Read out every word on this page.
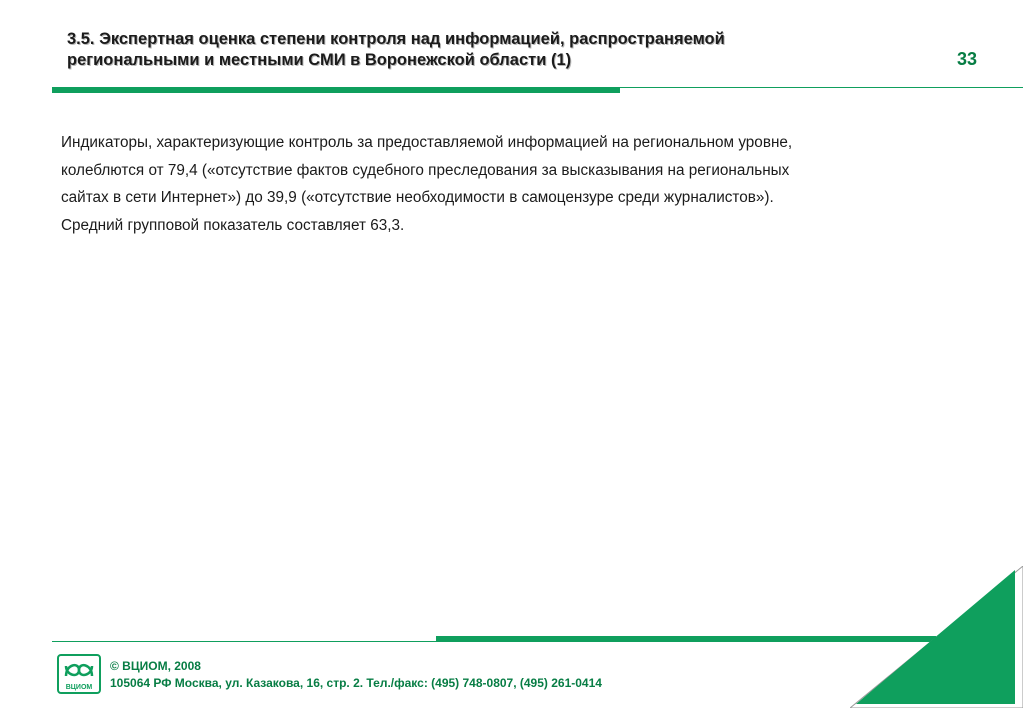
3.5. Экспертная оценка степени контроля над информацией, распространяемой
региональными и местными СМИ в Воронежской области (1)	33

Индикаторы, характеризующие контроль за предоставляемой информацией на региональном уровне,
колеблются от 79,4 («отсутствие фактов судебного преследования за высказывания на региональных
сайтах в сети Интернет») до 39,9 («отсутствие необходимости в самоцензуре среди журналистов»).
Средний групповой показатель составляет 63,3.

ВЦИОМ
© ВЦИОМ, 2008
105064 РФ Москва, ул. Казакова, 16, стр. 2. Тел./факс: (495) 748-0807, (495) 261-0414
